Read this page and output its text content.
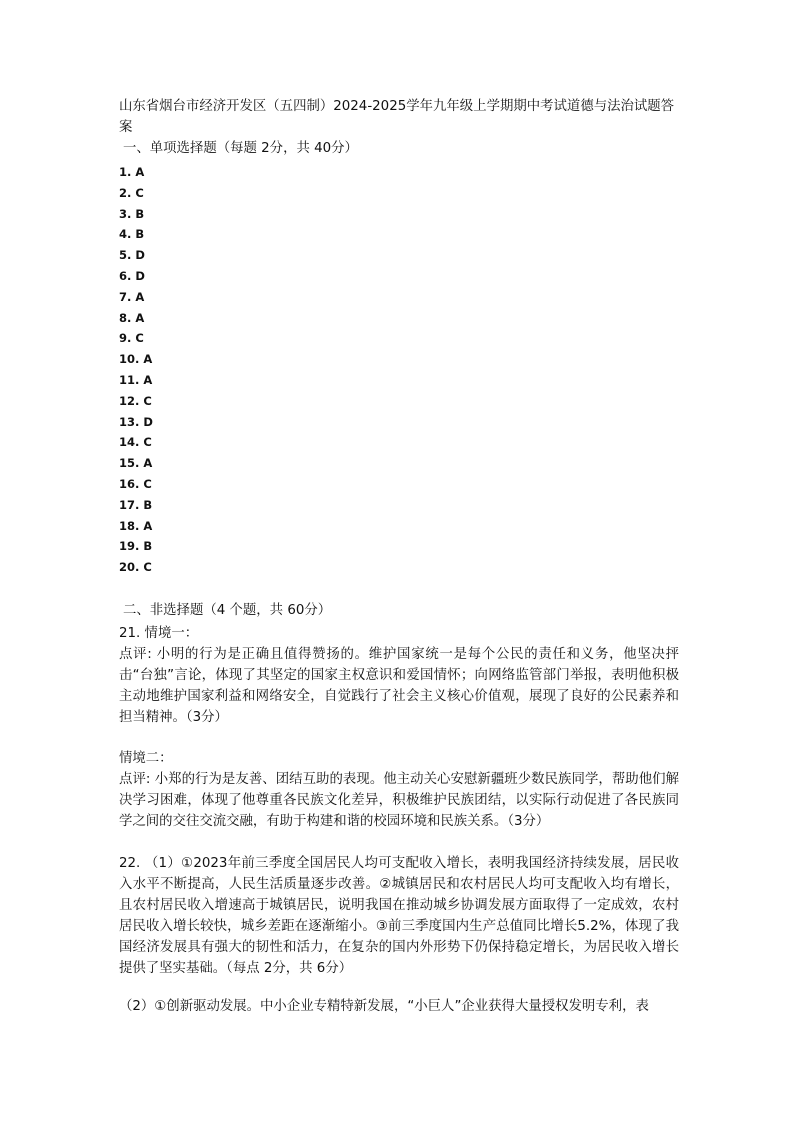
山东省烟台市经济开发区（五四制）2024-2025学年九年级上学期期中考试道德与法治试题答案

一、单项选择题（每题 2分，共 40分）

1. A
2. C
3. B
4. B
5. D
6. D
7. A
8. A
9. C
10. A
11. A
12. C
13. D
14. C
15. A
16. C
17. B
18. A
19. B
20. C

二、非选择题（4 个题，共 60分）

21. 情境一：

点评: 小明的行为是正确且值得赞扬的。维护国家统一是每个公民的责任和义务，他坚决抨击“台独”言论，体现了其坚定的国家主权意识和爱国情怀；向网络监管部门举报，表明他积极主动地维护国家利益和网络安全，自觉践行了社会主义核心价值观，展现了良好的公民素养和担当精神。（3分）

情境二：

点评: 小郑的行为是友善、团结互助的表现。他主动关心安慰新疆班少数民族同学，帮助他们解决学习困难，体现了他尊重各民族文化差异，积极维护民族团结，以实际行动促进了各民族同学之间的交往交流交融，有助于构建和谐的校园环境和民族关系。（3分）

22. （1）①2023年前三季度全国居民人均可支配收入增长，表明我国经济持续发展，居民收入水平不断提高，人民生活质量逐步改善。②城镇居民和农村居民人均可支配收入均有增长，且农村居民收入增速高于城镇居民，说明我国在推动城乡协调发展方面取得了一定成效，农村居民收入增长较快，城乡差距在逐渐缩小。③前三季度国内生产总值同比增长5.2%，体现了我国经济发展具有强大的韧性和活力，在复杂的国内外形势下仍保持稳定增长，为居民收入增长提供了坚实基础。（每点 2分，共 6分）

（2）①创新驱动发展。中小企业专精特新发展，“小巨人”企业获得大量授权发明专利，表
